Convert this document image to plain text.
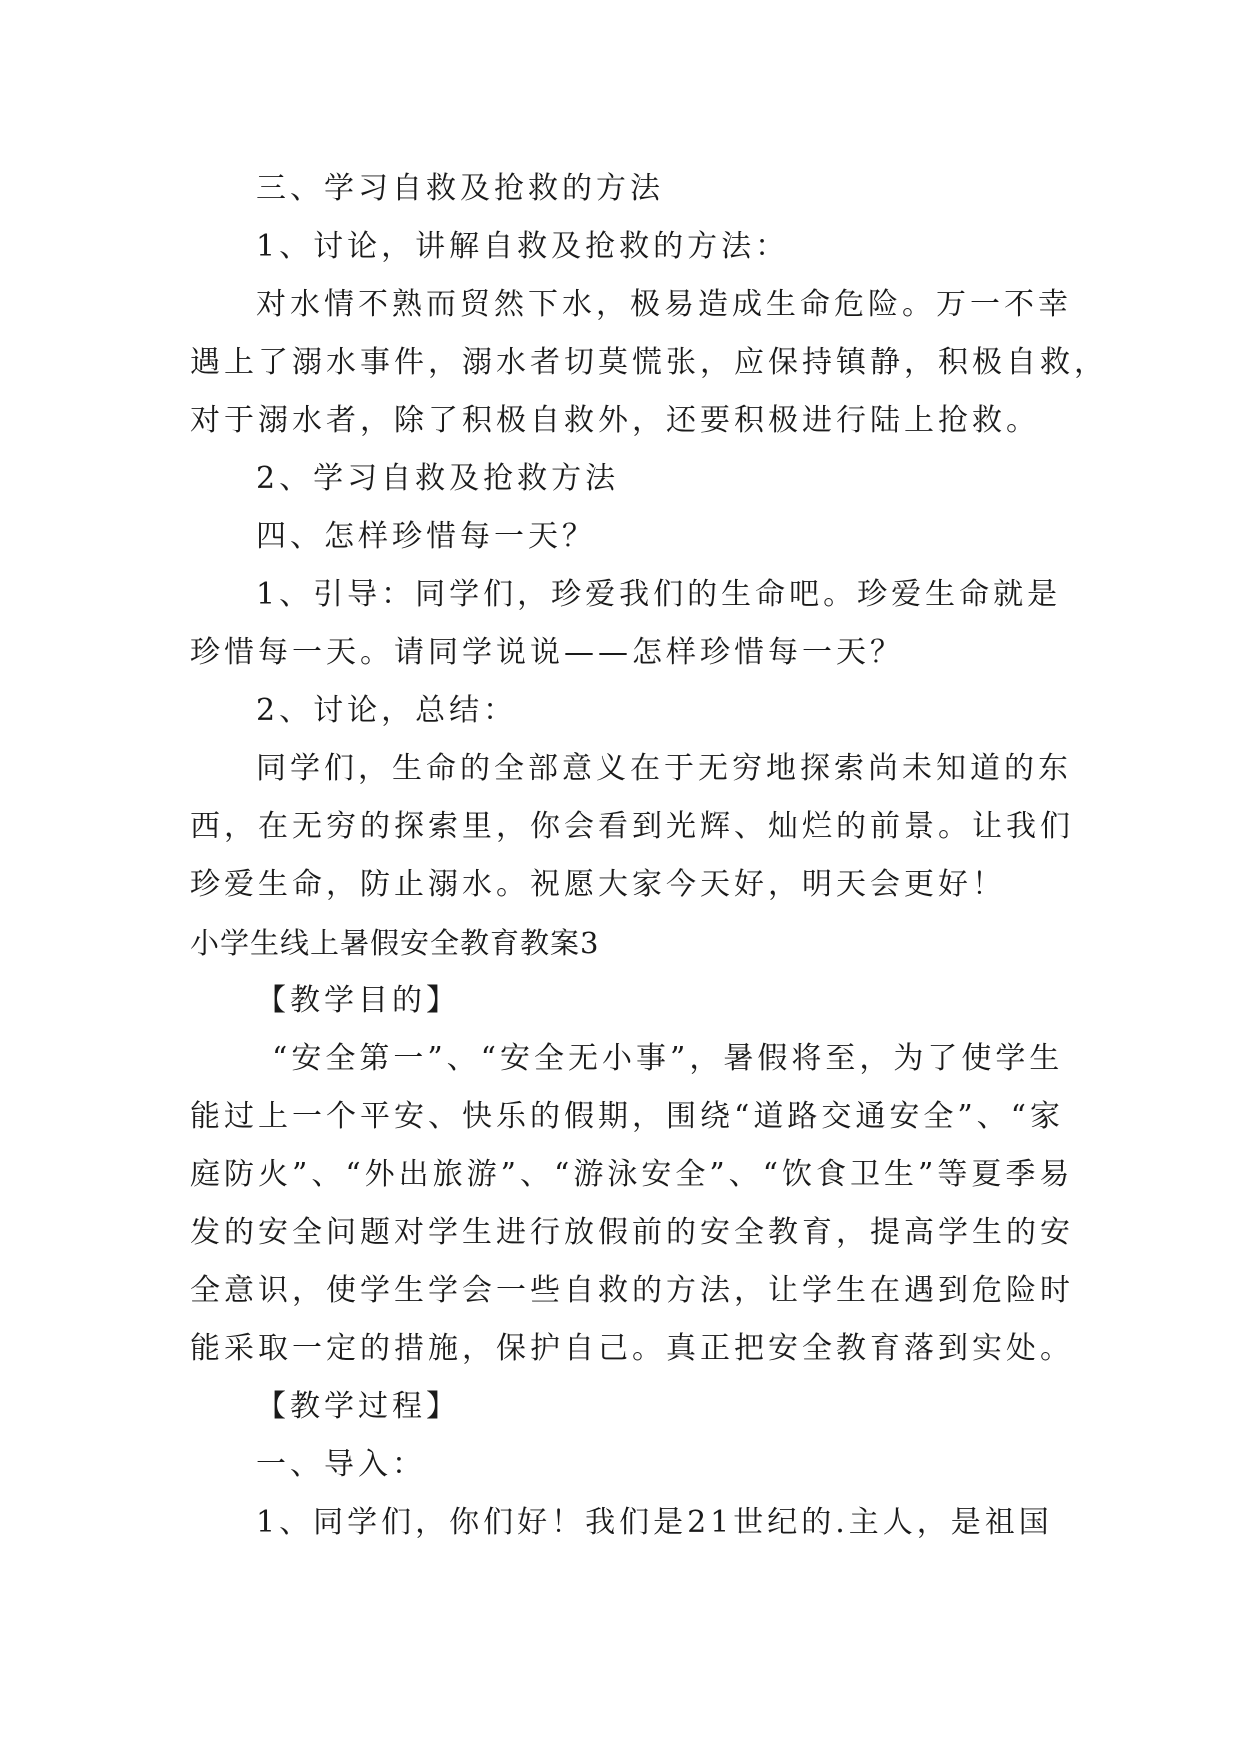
三、学习自救及抢救的方法
1、讨论，讲解自救及抢救的方法：
对水情不熟而贸然下水，极易造成生命危险。万一不幸
遇上了溺水事件，溺水者切莫慌张，应保持镇静，积极自救，
对于溺水者，除了积极自救外，还要积极进行陆上抢救。
2、学习自救及抢救方法
四、怎样珍惜每一天？
1、引导：同学们，珍爱我们的生命吧。珍爱生命就是
珍惜每一天。请同学说说——怎样珍惜每一天？
2、讨论，总结：
同学们，生命的全部意义在于无穷地探索尚未知道的东
西，在无穷的探索里，你会看到光辉、灿烂的前景。让我们
珍爱生命，防止溺水。祝愿大家今天好，明天会更好！
小学生线上暑假安全教育教案3
【教学目的】
“安全第一”、“安全无小事”，暑假将至，为了使学生
能过上一个平安、快乐的假期，围绕“道路交通安全”、“家
庭防火”、“外出旅游”、“游泳安全”、“饮食卫生”等夏季易
发的安全问题对学生进行放假前的安全教育，提高学生的安
全意识，使学生学会一些自救的方法，让学生在遇到危险时
能采取一定的措施，保护自己。真正把安全教育落到实处。
【教学过程】
一、导入：
1、同学们，你们好！我们是21世纪的.主人，是祖国
